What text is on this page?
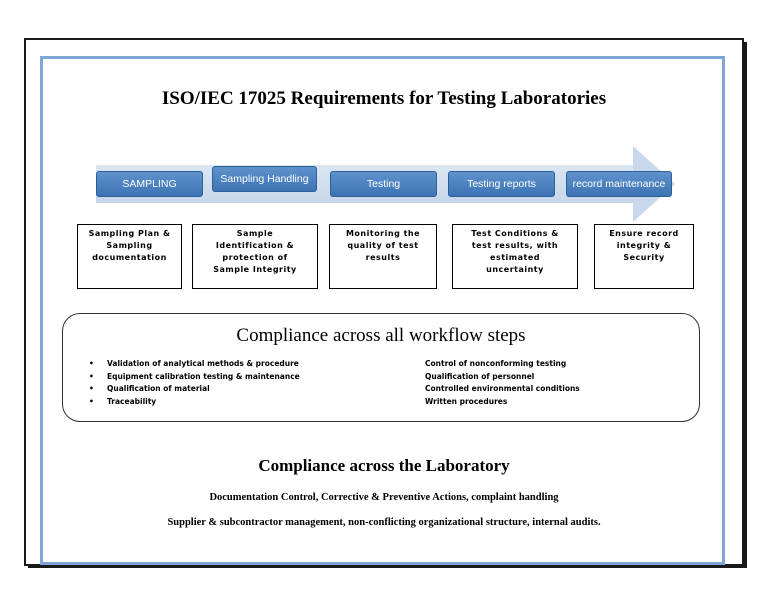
ISO/IEC 17025 Requirements for Testing Laboratories
SAMPLING	Sampling Handling	Testing	Testing reports	record maintenance
Sampling Plan &
Sampling
documentation
Sample
Identification &
protection of
Sample Integrity
Monitoring the
quality of test
results
Test Conditions &
test results, with
estimated
uncertainty
Ensure record
integrity &
Security
Compliance across all workflow steps
• Validation of analytical methods & procedure
• Equipment calibration testing & maintenance
• Qualification of material
• Traceability
Control of nonconforming testing
Qualification of personnel
Controlled environmental conditions
Written procedures
Compliance across the Laboratory
Documentation Control, Corrective & Preventive Actions, complaint handling
Supplier & subcontractor management, non-conflicting organizational structure, internal audits.
